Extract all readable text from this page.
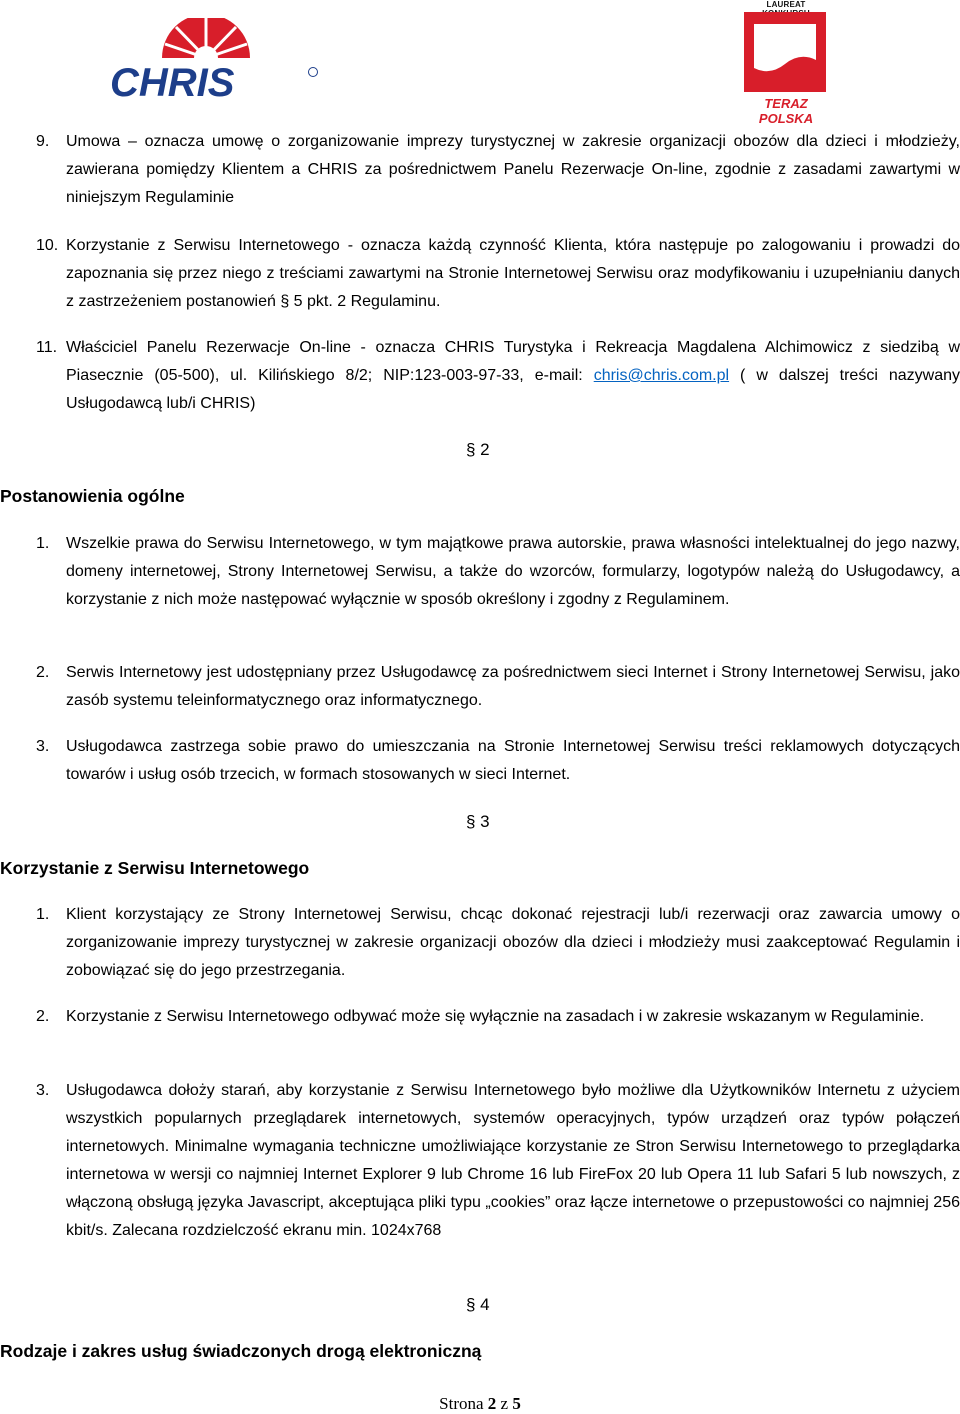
CHRIS
LAUREAT
TERAZ POLSKA
9. Umowa – oznacza umowę o zorganizowanie imprezy turystycznej w zakresie organizacji obozów dla dzieci i młodzieży, zawierana pomiędzy Klientem a CHRIS za pośrednictwem Panelu Rezerwacje On-line, zgodnie z zasadami zawartymi w niniejszym Regulaminie
10. Korzystanie z Serwisu Internetowego - oznacza każdą czynność Klienta, która następuje po zalogowaniu i prowadzi do zapoznania się przez niego z treściami zawartymi na Stronie Internetowej Serwisu oraz modyfikowaniu i uzupełnianiu danych z zastrzeżeniem postanowień § 5 pkt. 2 Regulaminu.
11. Właściciel Panelu Rezerwacje On-line - oznacza CHRIS Turystyka i Rekreacja Magdalena Alchimowicz z siedzibą w Piasecznie (05-500), ul. Kilińskiego 8/2; NIP:123-003-97-33, e-mail: chris@chris.com.pl ( w dalszej treści nazywany Usługodawcą lub/i CHRIS)
§ 2
Postanowienia ogólne
1. Wszelkie prawa do Serwisu Internetowego, w tym majątkowe prawa autorskie, prawa własności intelektualnej do jego nazwy, domeny internetowej, Strony Internetowej Serwisu, a także do wzorców, formularzy, logotypów należą do Usługodawcy, a korzystanie z nich może następować wyłącznie w sposób określony i zgodny z Regulaminem.
2. Serwis Internetowy jest udostępniany przez Usługodawcę za pośrednictwem sieci Internet i Strony Internetowej Serwisu, jako zasób systemu teleinformatycznego oraz informatycznego.
3. Usługodawca zastrzega sobie prawo do umieszczania na Stronie Internetowej Serwisu treści reklamowych dotyczących towarów i usług osób trzecich, w formach stosowanych w sieci Internet.
§ 3
Korzystanie z Serwisu Internetowego
1. Klient korzystający ze Strony Internetowej Serwisu, chcąc dokonać rejestracji lub/i rezerwacji oraz zawarcia umowy o zorganizowanie imprezy turystycznej w zakresie organizacji obozów dla dzieci i młodzieży musi zaakceptować Regulamin i zobowiązać się do jego przestrzegania.
2. Korzystanie z Serwisu Internetowego odbywać może się wyłącznie na zasadach i w zakresie wskazanym w Regulaminie.
3. Usługodawca dołoży starań, aby korzystanie z Serwisu Internetowego było możliwe dla Użytkowników Internetu z użyciem wszystkich popularnych przeglądarek internetowych, systemów operacyjnych, typów urządzeń oraz typów połączeń internetowych. Minimalne wymagania techniczne umożliwiające korzystanie ze Stron Serwisu Internetowego to przeglądarka internetowa w wersji co najmniej Internet Explorer 9 lub Chrome 16 lub FireFox 20 lub Opera 11 lub Safari 5 lub nowszych, z włączoną obsługą języka Javascript, akceptująca pliki typu „cookies” oraz łącze internetowe o przepustowości co najmniej 256 kbit/s. Zalecana rozdzielczość ekranu min. 1024x768
§ 4
Rodzaje i zakres usług świadczonych drogą elektroniczną
Strona 2 z 5
